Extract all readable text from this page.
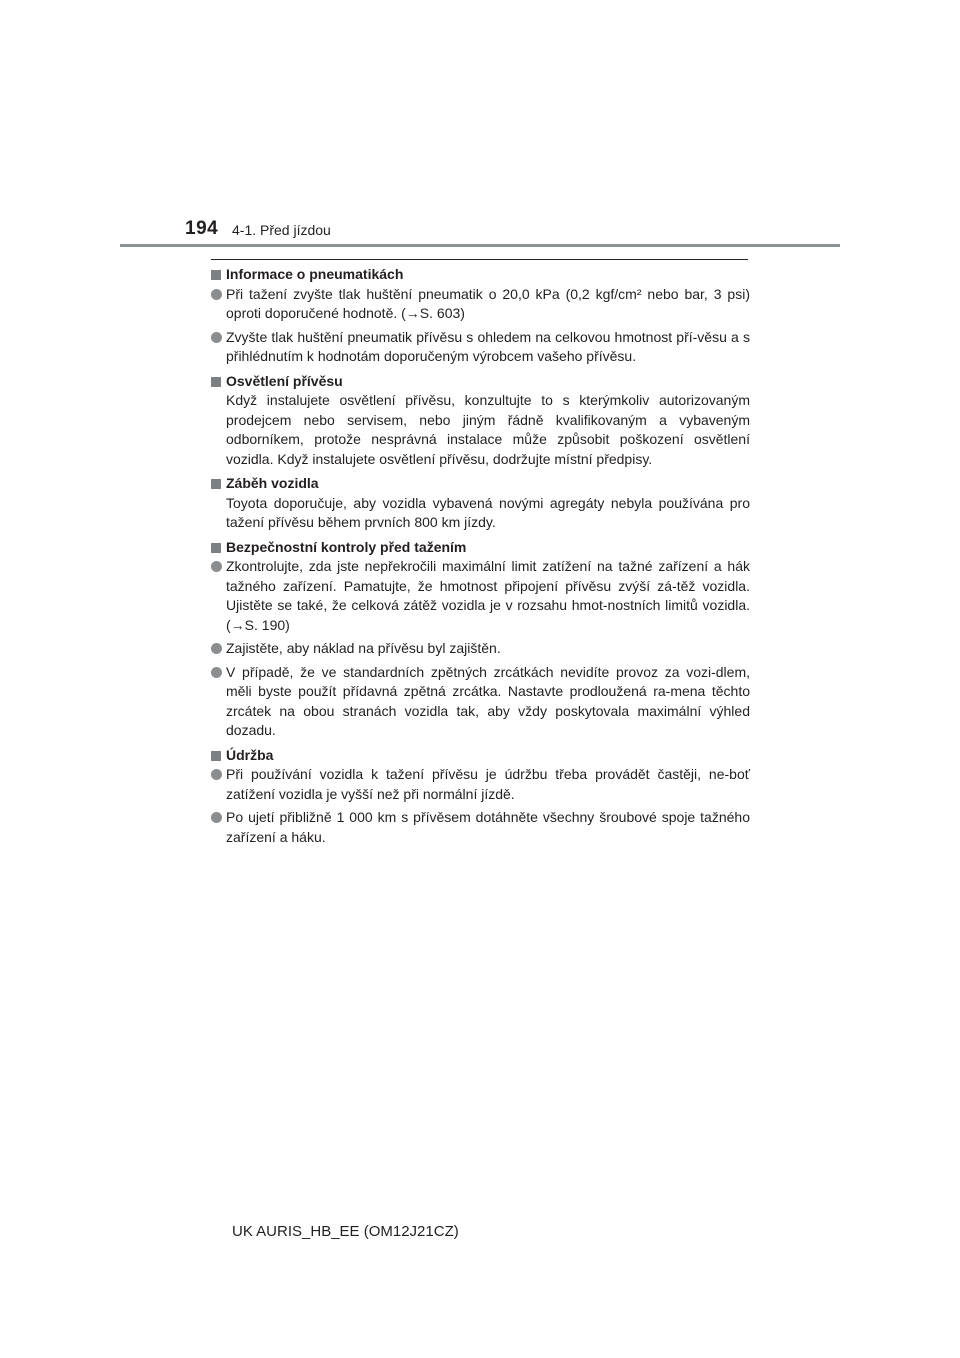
194 4-1. Před jízdou
Informace o pneumatikách
Při tažení zvyšte tlak huštění pneumatik o 20,0 kPa (0,2 kgf/cm² nebo bar, 3 psi) oproti doporučené hodnotě. (→S. 603)
Zvyšte tlak huštění pneumatik přívěsu s ohledem na celkovou hmotnost pří-věsu a s přihlédnutím k hodnotám doporučeným výrobcem vašeho přívěsu.
Osvětlení přívěsu
Když instalujete osvětlení přívěsu, konzultujte to s kterýmkoliv autorizovaným prodejcem nebo servisem, nebo jiným řádně kvalifikovaným a vybaveným odborníkem, protože nesprávná instalace může způsobit poškození osvětlení vozidla. Když instalujete osvětlení přívěsu, dodržujte místní předpisy.
Záběh vozidla
Toyota doporučuje, aby vozidla vybavená novými agregáty nebyla používána pro tažení přívěsu během prvních 800 km jízdy.
Bezpečnostní kontroly před tažením
Zkontrolujte, zda jste nepřekročili maximální limit zatížení na tažné zařízení a hák tažného zařízení. Pamatujte, že hmotnost připojení přívěsu zvýší zá-těž vozidla. Ujistěte se také, že celková zátěž vozidla je v rozsahu hmot-nostních limitů vozidla. (→S. 190)
Zajistěte, aby náklad na přívěsu byl zajištěn.
V případě, že ve standardních zpětných zrcátkách nevidíte provoz za vozi-dlem, měli byste použít přídavná zpětná zrcátka. Nastavte prodloužená ra-mena těchto zrcátek na obou stranách vozidla tak, aby vždy poskytovala maximální výhled dozadu.
Údržba
Při používání vozidla k tažení přívěsu je údržbu třeba provádět častěji, ne-boť zatížení vozidla je vyšší než při normální jízdě.
Po ujetí přibližně 1 000 km s přívěsem dotáhněte všechny šroubové spoje tažného zařízení a háku.
UK AURIS_HB_EE (OM12J21CZ)
